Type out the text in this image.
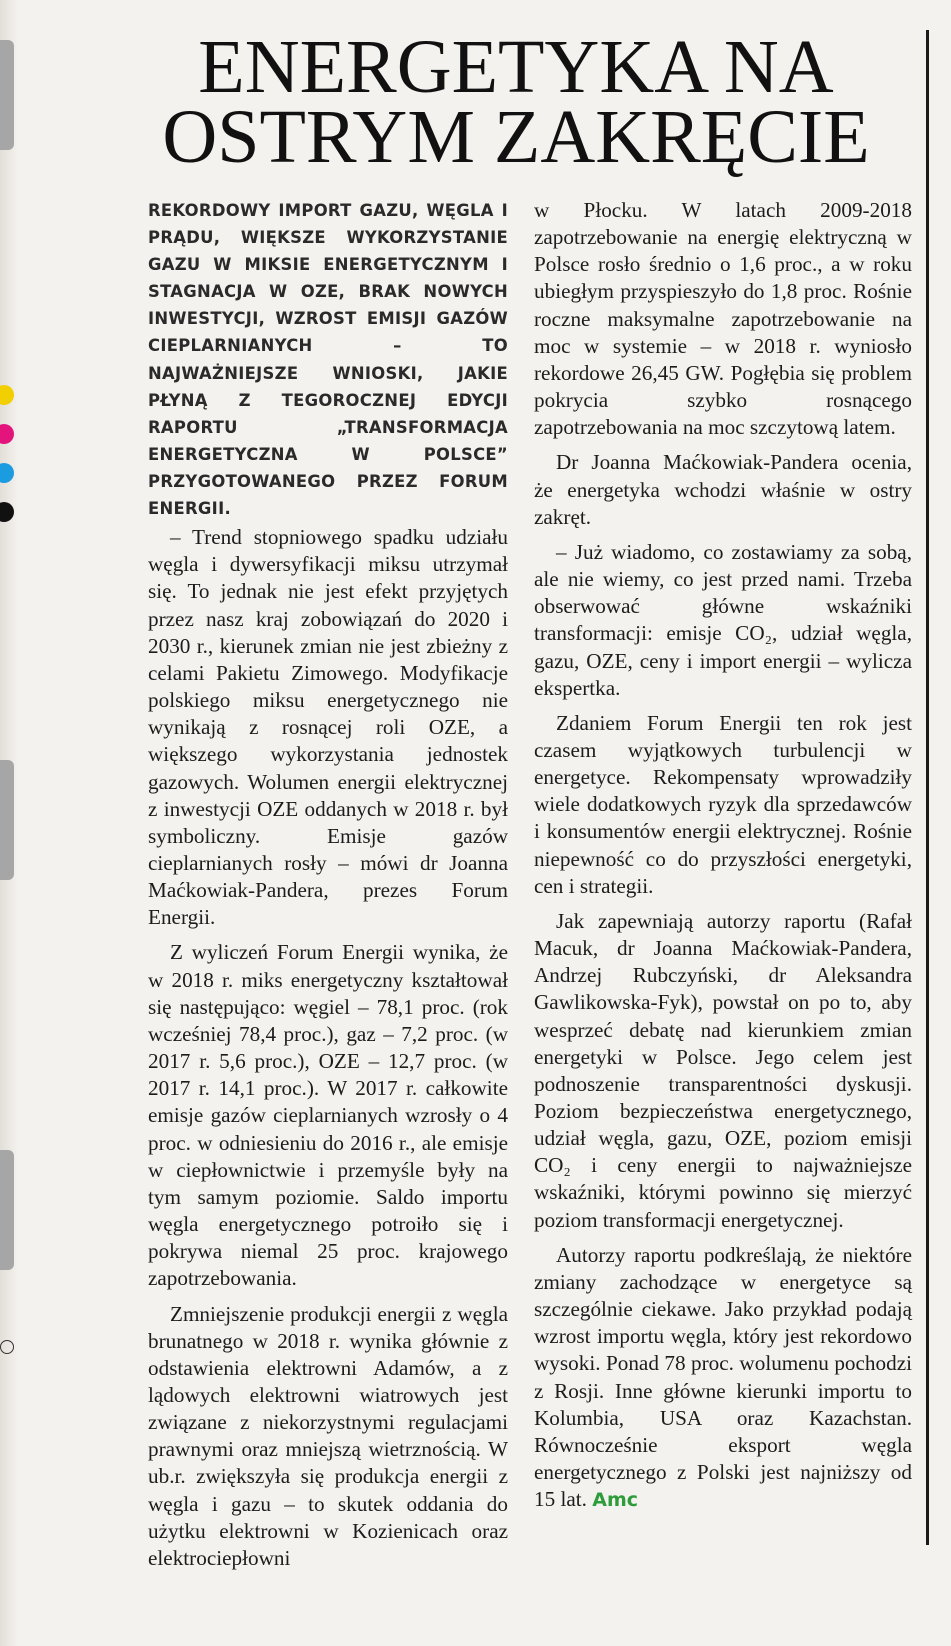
ENERGETYKA NA OSTRYM ZAKRĘCIE

REKORDOWY IMPORT GAZU, WĘGLA I PRĄDU, WIĘKSZE WYKORZYSTANIE GAZU W MIKSIE ENERGETYCZNYM I STAGNACJA W OZE, BRAK NOWYCH INWESTYCJI, WZROST EMISJI GAZÓW CIEPLARNIANYCH – TO NAJWAŻNIEJSZE WNIOSKI, JAKIE PŁYNĄ Z TEGOROCZNEJ EDYCJI RAPORTU „TRANSFORMACJA ENERGETYCZNA W POLSCE” PRZYGOTOWANEGO PRZEZ FORUM ENERGII.

– Trend stopniowego spadku udziału węgla i dywersyfikacji miksu utrzymał się. To jednak nie jest efekt przyjętych przez nasz kraj zobowiązań do 2020 i 2030 r., kierunek zmian nie jest zbieżny z celami Pakietu Zimowego. Modyfikacje polskiego miksu energetycznego nie wynikają z rosnącej roli OZE, a większego wykorzystania jednostek gazowych. Wolumen energii elektrycznej z inwestycji OZE oddanych w 2018 r. był symboliczny. Emisje gazów cieplarnianych rosły – mówi dr Joanna Maćkowiak-Pandera, prezes Forum Energii.

Z wyliczeń Forum Energii wynika, że w 2018 r. miks energetyczny kształtował się następująco: węgiel – 78,1 proc. (rok wcześniej 78,4 proc.), gaz – 7,2 proc. (w 2017 r. 5,6 proc.), OZE – 12,7 proc. (w 2017 r. 14,1 proc.). W 2017 r. całkowite emisje gazów cieplarnianych wzrosły o 4 proc. w odniesieniu do 2016 r., ale emisje w ciepłownictwie i przemyśle były na tym samym poziomie. Saldo importu węgla energetycznego potroiło się i pokrywa niemal 25 proc. krajowego zapotrzebowania.

Zmniejszenie produkcji energii z węgla brunatnego w 2018 r. wynika głównie z odstawienia elektrowni Adamów, a z lądowych elektrowni wiatrowych jest związane z niekorzystnymi regulacjami prawnymi oraz mniejszą wietrznością. W ub.r. zwiększyła się produkcja energii z węgla i gazu – to skutek oddania do użytku elektrowni w Kozienicach oraz elektrociepłowni

w Płocku. W latach 2009-2018 zapotrzebowanie na energię elektryczną w Polsce rosło średnio o 1,6 proc., a w roku ubiegłym przyspieszyło do 1,8 proc. Rośnie roczne maksymalne zapotrzebowanie na moc w systemie – w 2018 r. wyniosło rekordowe 26,45 GW. Pogłębia się problem pokrycia szybko rosnącego zapotrzebowania na moc szczytową latem.

Dr Joanna Maćkowiak-Pandera ocenia, że energetyka wchodzi właśnie w ostry zakręt.

– Już wiadomo, co zostawiamy za sobą, ale nie wiemy, co jest przed nami. Trzeba obserwować główne wskaźniki transformacji: emisje CO₂, udział węgla, gazu, OZE, ceny i import energii – wylicza ekspertka.

Zdaniem Forum Energii ten rok jest czasem wyjątkowych turbulencji w energetyce. Rekompensaty wprowadziły wiele dodatkowych ryzyk dla sprzedawców i konsumentów energii elektrycznej. Rośnie niepewność co do przyszłości energetyki, cen i strategii.

Jak zapewniają autorzy raportu (Rafał Macuk, dr Joanna Maćkowiak-Pandera, Andrzej Rubczyński, dr Aleksandra Gawlikowska-Fyk), powstał on po to, aby wesprzeć debatę nad kierunkiem zmian energetyki w Polsce. Jego celem jest podnoszenie transparentności dyskusji. Poziom bezpieczeństwa energetycznego, udział węgla, gazu, OZE, poziom emisji CO₂ i ceny energii to najważniejsze wskaźniki, którymi powinno się mierzyć poziom transformacji energetycznej.

Autorzy raportu podkreślają, że niektóre zmiany zachodzące w energetyce są szczególnie ciekawe. Jako przykład podają wzrost importu węgla, który jest rekordowo wysoki. Ponad 78 proc. wolumenu pochodzi z Rosji. Inne główne kierunki importu to Kolumbia, USA oraz Kazachstan. Równocześnie eksport węgla energetycznego z Polski jest najniższy od 15 lat. Amc
